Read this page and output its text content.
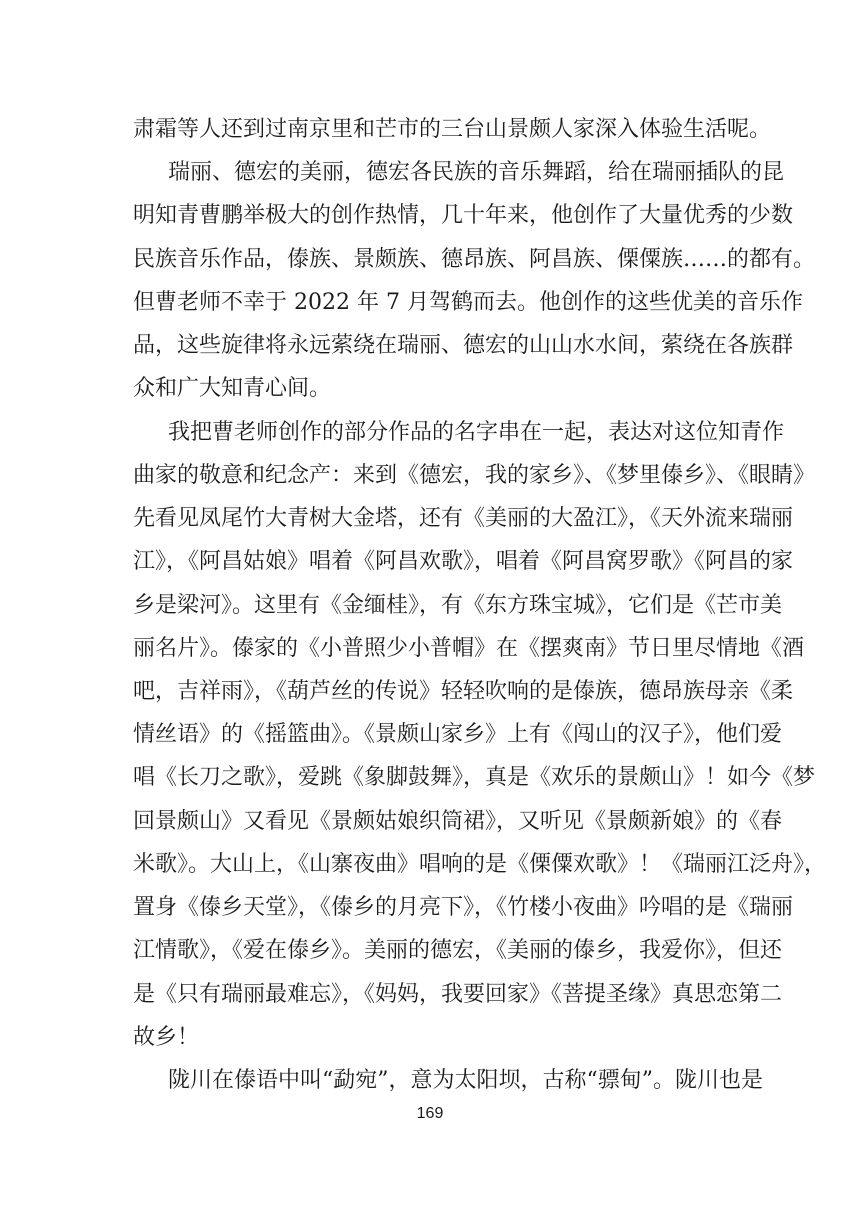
肃霜等人还到过南京里和芒市的三台山景颇人家深入体验生活呢。
瑞丽、德宏的美丽，德宏各民族的音乐舞蹈，给在瑞丽插队的昆
明知青曹鹏举极大的创作热情，几十年来，他创作了大量优秀的少数
民族音乐作品，傣族、景颇族、德昂族、阿昌族、傈僳族……的都有。
但曹老师不幸于 2022 年 7 月驾鹤而去。他创作的这些优美的音乐作
品，这些旋律将永远萦绕在瑞丽、德宏的山山水水间，萦绕在各族群
众和广大知青心间。
我把曹老师创作的部分作品的名字串在一起，表达对这位知青作
曲家的敬意和纪念产：来到《德宏，我的家乡》、《梦里傣乡》、《眼睛》
先看见凤尾竹大青树大金塔，还有《美丽的大盈江》，《天外流来瑞丽
江》，《阿昌姑娘》唱着《阿昌欢歌》，唱着《阿昌窝罗歌》《阿昌的家
乡是梁河》。这里有《金缅桂》，有《东方珠宝城》，它们是《芒市美
丽名片》。傣家的《小普照少小普帽》在《摆爽南》节日里尽情地《酒
吧，吉祥雨》，《葫芦丝的传说》轻轻吹响的是傣族，德昂族母亲《柔
情丝语》的《摇篮曲》。《景颇山家乡》上有《闯山的汉子》，他们爱
唱《长刀之歌》，爱跳《象脚鼓舞》，真是《欢乐的景颇山》！如今《梦
回景颇山》又看见《景颇姑娘织筒裙》，又听见《景颇新娘》的《春
米歌》。大山上，《山寨夜曲》唱响的是《傈僳欢歌》！《瑞丽江泛舟》，
置身《傣乡天堂》，《傣乡的月亮下》，《竹楼小夜曲》吟唱的是《瑞丽
江情歌》，《爱在傣乡》。美丽的德宏，《美丽的傣乡，我爱你》，但还
是《只有瑞丽最难忘》，《妈妈，我要回家》《菩提圣缘》真思恋第二
故乡！
陇川在傣语中叫“勐宛”，意为太阳坝，古称“骠甸”。陇川也是
169
